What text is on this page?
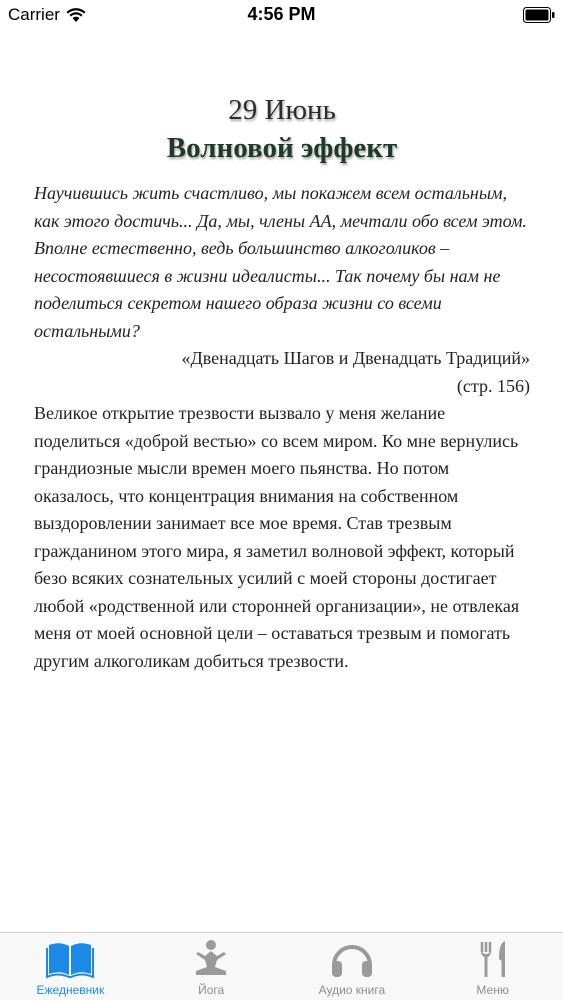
Carrier	4:56 PM
29 Июнь
Волновой эффект

Научившись жить счастливо, мы покажем всем остальным, как этого достичь... Да, мы, члены АА, мечтали обо всем этом. Вполне естественно, ведь большинство алкоголиков – несостоявшиеся в жизни идеалисты... Так почему бы нам не поделиться секретом нашего образа жизни со всеми остальными?

«Двенадцать Шагов и Двенадцать Традиций»
(стр. 156)

Великое открытие трезвости вызвало у меня желание поделиться «доброй вестью» со всем миром. Ко мне вернулись грандиозные мысли времен моего пьянства. Но потом оказалось, что концентрация внимания на собственном выздоровлении занимает все мое время. Став трезвым гражданином этого мира, я заметил волновой эффект, который безо всяких сознательных усилий с моей стороны достигает любой «родственной или сторонней организации», не отвлекая меня от моей основной цели – оставаться трезвым и помогать другим алкоголикам добиться трезвости.

Ежедневник	Йога	Аудио книга	Меню
